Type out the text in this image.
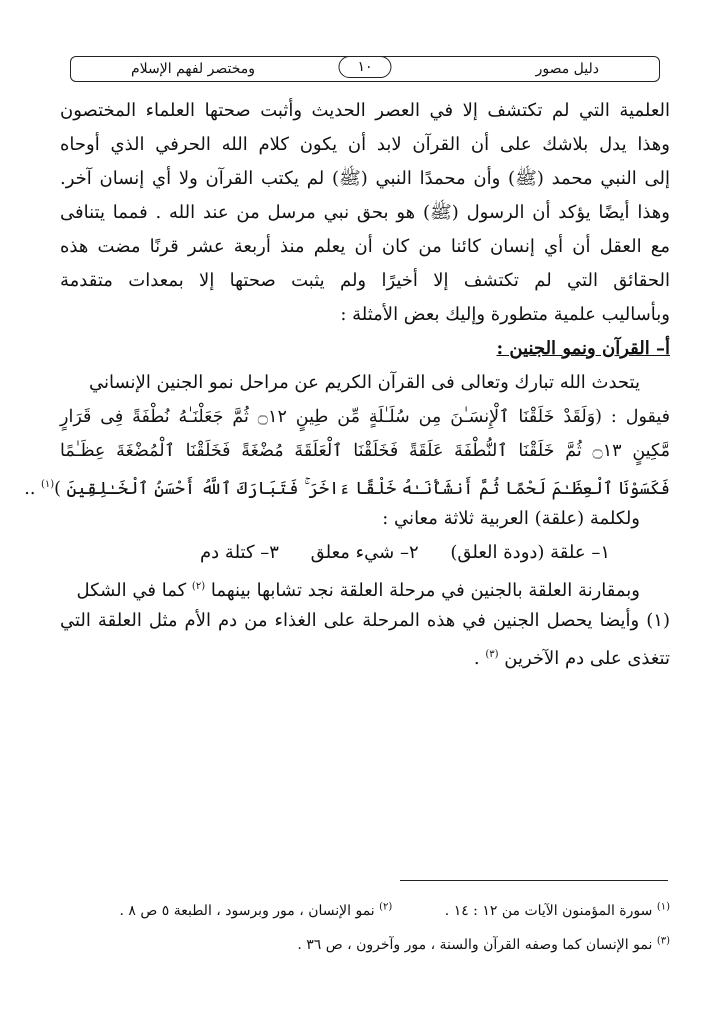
دليل مصور
١٠
ومختصر لفهم الإسلام
العلمية التي لم تكتشف إلا في العصر الحديث وأثبت صحتها العلماء المختصون
وهذا يدل بلاشك على أن القرآن لابد أن يكون كلام الله الحرفي الذي أوحاه
إلى النبي محمد (ﷺ) وأن محمدًا النبي (ﷺ) لم يكتب القرآن ولا أي إنسان آخر.
وهذا أيضًا يؤكد أن الرسول (ﷺ) هو بحق نبي مرسل من عند الله . فمما يتنافى
مع العقل أن أي إنسان كائنا من كان أن يعلم منذ أربعة عشر قرنًا مضت هذه
الحقائق التي لم تكتشف إلا أخيرًا ولم يثبت صحتها إلا بمعدات متقدمة
وبأساليب علمية متطورة وإليك بعض الأمثلة :
أ– القرآن ونمو الجنين :
يتحدث الله تبارك وتعالى فى القرآن الكريم عن مراحل نمو الجنين الإنساني
فيقول : (وَلَقَدْ خَلَقْنَا ٱلْإِنسَـٰنَ مِن سُلَـٰلَةٍ مِّن طِينٍ ۝١٢ ثُمَّ جَعَلْنَـٰهُ نُطْفَةً فِى قَرَارٍ
مَّكِينٍ ۝١٣ ثُمَّ خَلَقْنَا ٱلنُّطْفَةَ عَلَقَةً فَخَلَقْنَا ٱلْعَلَقَةَ مُضْغَةً فَخَلَقْنَا ٱلْمُضْغَةَ عِظَـٰمًا
فَكَسَوْنَا ٱلْعِظَـٰمَ لَحْمًا ثُمَّ أَنشَأْنَـٰهُ خَلْقًا ءَاخَرَ ۚ فَتَبَارَكَ ٱللَّهُ أَحْسَنُ ٱلْخَـٰلِقِينَ )$^{(١)}$ ..
ولكلمة (علقة) العربية ثلاثة معاني :
١– علقة (دودة العلق) ٢– شيء معلق ٣– كتلة دم
وبمقارنة العلقة بالجنين في مرحلة العلقة نجد تشابها بينهما $^{(٢)}$ كما في الشكل
(١) وأيضا يحصل الجنين في هذه المرحلة على الغذاء من دم الأم مثل العلقة التي
تتغذى على دم الآخرين $^{(٣)}$ .
$^{(١)}$ سورة المؤمنون الآيات من ١٢ : ١٤ . $^{(٢)}$ نمو الإنسان ، مور وبرسود ، الطبعة ٥ ص ٨ .
$^{(٣)}$ نمو الإنسان كما وصفه القرآن والسنة ، مور وآخرون ، ص ٣٦ .
